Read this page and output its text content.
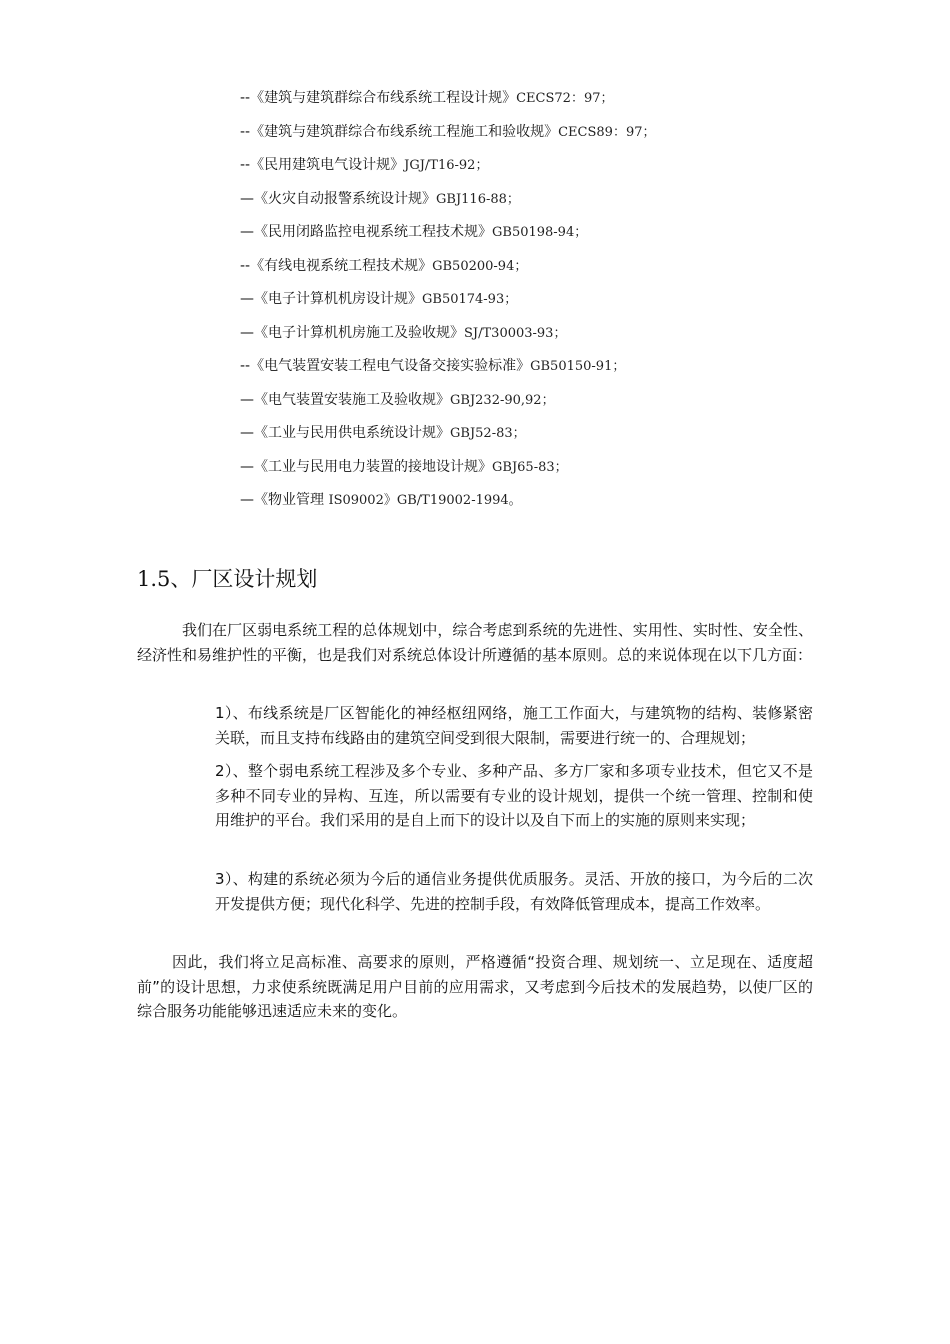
--《建筑与建筑群综合布线系统工程设计规》CECS72：97；
--《建筑与建筑群综合布线系统工程施工和验收规》CECS89：97；
--《民用建筑电气设计规》JGJ/T16-92；
—《火灾自动报警系统设计规》GBJ116-88；
—《民用闭路监控电视系统工程技术规》GB50198-94；
--《有线电视系统工程技术规》GB50200-94；
—《电子计算机机房设计规》GB50174-93；
—《电子计算机机房施工及验收规》SJ/T30003-93；
--《电气装置安装工程电气设备交接实验标准》GB50150-91；
—《电气装置安装施工及验收规》GBJ232-90,92；
—《工业与民用供电系统设计规》GBJ52-83；
—《工业与民用电力装置的接地设计规》GBJ65-83；
—《物业管理 IS09002》GB/T19002-1994。
1.5、厂区设计规划

我们在厂区弱电系统工程的总体规划中，综合考虑到系统的先进性、实用性、实时性、安全性、经济性和易维护性的平衡，也是我们对系统总体设计所遵循的基本原则。总的来说体现在以下几方面：

1）、布线系统是厂区智能化的神经枢纽网络，施工工作面大，与建筑物的结构、装修紧密关联，而且支持布线路由的建筑空间受到很大限制，需要进行统一的、合理规划；

2）、整个弱电系统工程涉及多个专业、多种产品、多方厂家和多项专业技术，但它又不是多种不同专业的异构、互连，所以需要有专业的设计规划，提供一个统一管理、控制和使用维护的平台。我们采用的是自上而下的设计以及自下而上的实施的原则来实现；

3）、构建的系统必须为今后的通信业务提供优质服务。灵活、开放的接口，为今后的二次开发提供方便；现代化科学、先进的控制手段，有效降低管理成本，提高工作效率。

因此，我们将立足高标准、高要求的原则，严格遵循“投资合理、规划统一、立足现在、适度超前”的设计思想，力求使系统既满足用户目前的应用需求，又考虑到今后技术的发展趋势，以使厂区的综合服务功能能够迅速适应未来的变化。
